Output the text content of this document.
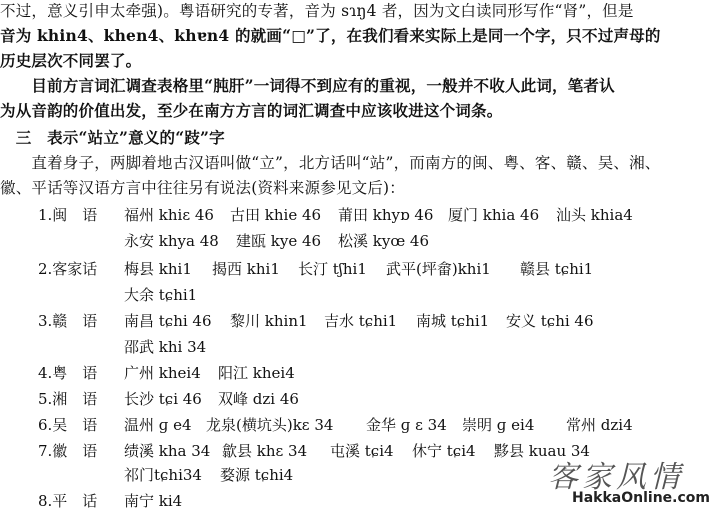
不过，意义引申太牵强)。粤语研究的专著，音为 sɿŋ4 者，因为文白读同形写作“肾”，但是
音为 khin4、khen4、khɐn4 的就画“□”了，在我们看来实际上是同一个字，只不过声母的
历史层次不同罢了。
　　目前方言词汇调查表格里“肫肝”一词得不到应有的重视，一般并不收人此词，笔者认
为从音韵的价值出发，至少在南方方言的词汇调查中应该收进这个词条。
　三　表示“站立”意义的“跂”字
　　直着身子，两脚着地古汉语叫做“立”，北方话叫“站”，而南方的闽、粤、客、赣、吴、湘、
徽、平话等汉语方言中往往另有说法(资料来源参见文后)：
1.闽　语 福州 khiɛ 46 古田 khie 46 莆田 khyɒ 46 厦门 khia 46 汕头 khia4
永安 khya 48 建瓯 kye 46 松溪 kyœ 46
2.客家话 梅县 khi1 揭西 khi1 长汀 tʃhi1 武平(坪畲)khi1 赣县 tɕhi1
大余 tɕhi1
3.赣　语 南昌 tɕhi 46 黎川 khin1 吉水 tɕhi1 南城 tɕhi1 安义 tɕhi 46
邵武 khi 34
4.粤　语 广州 khei4 阳江 khei4
5.湘　语 长沙 tɕi 46 双峰 dzi 46
6.吴　语 温州 ɡ e4 龙泉(横坑头)kɛ 34 金华 ɡ ɛ 34 崇明 ɡ ei4 常州 dzi4
7.徽　语 绩溪 kha 34 歙县 khɛ 34 屯溪 tɕi4 休宁 tɕi4 黟县 kuau 34
祁门tɕhi34 婺源 tɕhi4
8.平　话 南宁 ki4
客家风情
HakkaOnline.com
